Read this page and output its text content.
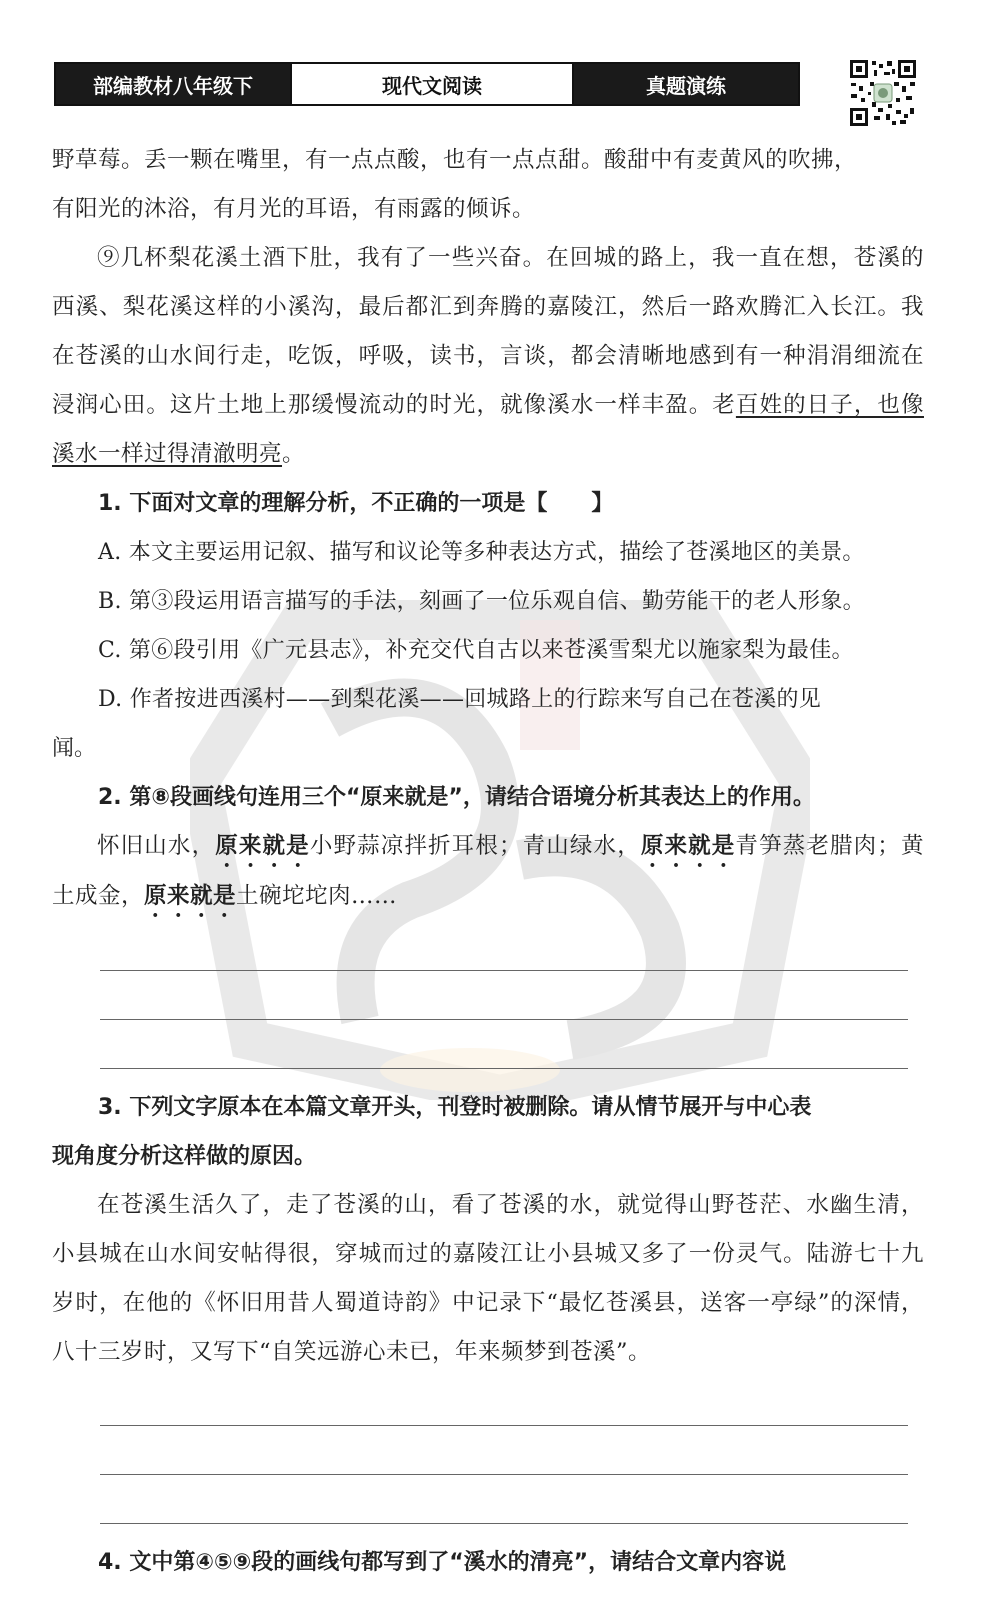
部编教材八年级下	现代文阅读	真题演练

野草莓。丢一颗在嘴里，有一点点酸，也有一点点甜。酸甜中有麦黄风的吹拂，

有阳光的沐浴，有月光的耳语，有雨露的倾诉。

⑨几杯梨花溪土酒下肚，我有了一些兴奋。在回城的路上，我一直在想，苍溪的西溪、梨花溪这样的小溪沟，最后都汇到奔腾的嘉陵江，然后一路欢腾汇入长江。我在苍溪的山水间行走，吃饭，呼吸，读书，言谈，都会清晰地感到有一种涓涓细流在浸润心田。这片土地上那缓慢流动的时光，就像溪水一样丰盈。老百姓的日子，也像溪水一样过得清澈明亮。

1. 下面对文章的理解分析，不正确的一项是【　　】

A. 本文主要运用记叙、描写和议论等多种表达方式，描绘了苍溪地区的美景。

B. 第③段运用语言描写的手法，刻画了一位乐观自信、勤劳能干的老人形象。

C. 第⑥段引用《广元县志》，补充交代自古以来苍溪雪梨尤以施家梨为最佳。

D. 作者按进西溪村——到梨花溪——回城路上的行踪来写自己在苍溪的见

闻。

2. 第⑧段画线句连用三个“原来就是”，请结合语境分析其表达上的作用。

怀旧山水，原来就是小野蒜凉拌折耳根；青山绿水，原来就是青笋蒸老腊肉；黄土成金，原来就是土碗坨坨肉……

3. 下列文字原本在本篇文章开头，刊登时被删除。请从情节展开与中心表

现角度分析这样做的原因。

在苍溪生活久了，走了苍溪的山，看了苍溪的水，就觉得山野苍茫、水幽生清，小县城在山水间安帖得很，穿城而过的嘉陵江让小县城又多了一份灵气。陆游七十九岁时，在他的《怀旧用昔人蜀道诗韵》中记录下“最忆苍溪县，送客一亭绿”的深情，八十三岁时，又写下“自笑远游心未已，年来频梦到苍溪”。

4. 文中第④⑤⑨段的画线句都写到了“溪水的清亮”，请结合文章内容说
